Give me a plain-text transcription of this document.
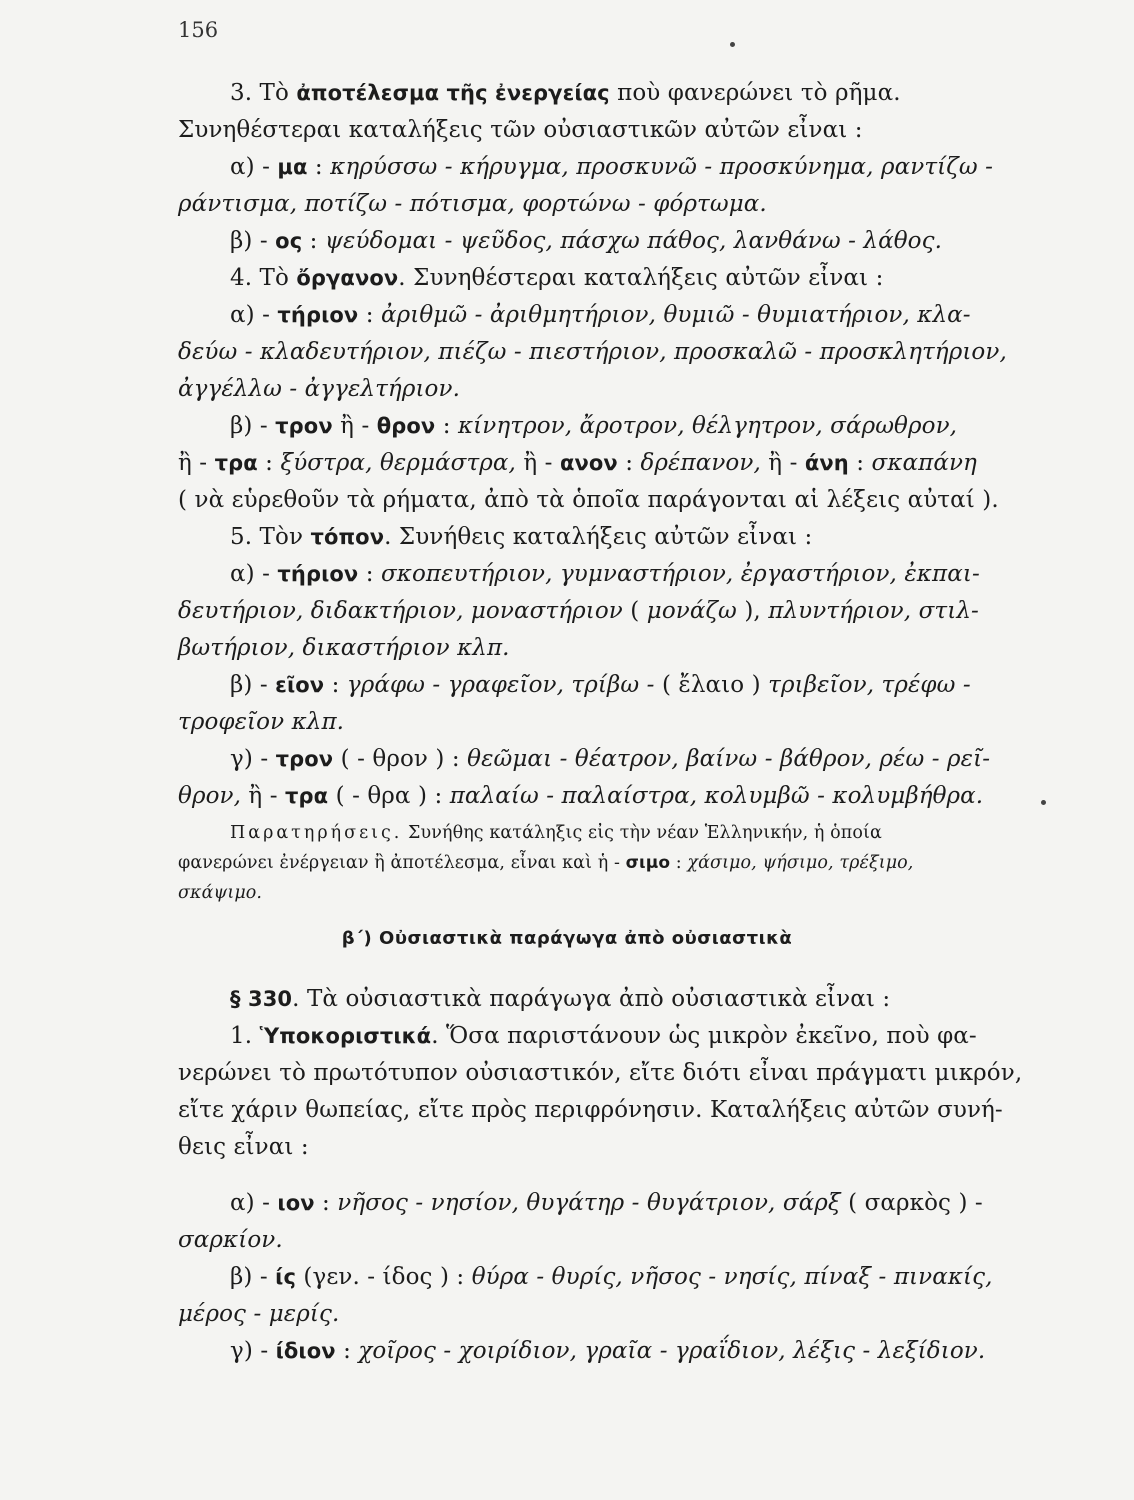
156
3. Τὸ ἀποτέλεσμα τῆς ἐνεργείας ποὺ φανερώνει τὸ ρῆμα.
Συνηθέστεραι καταλήξεις τῶν οὐσιαστικῶν αὐτῶν εἶναι :
α) - μα : κηρύσσω - κήρυγμα, προσκυνῶ - προσκύνημα, ραντίζω -
ράντισμα, ποτίζω - πότισμα, φορτώνω - φόρτωμα.
β) - ος : ψεύδομαι - ψεῦδος, πάσχω πάθος, λανθάνω - λάθος.
4. Τὸ ὄργανον. Συνηθέστεραι καταλήξεις αὐτῶν εἶναι :
α) - τήριον : ἀριθμῶ - ἀριθμητήριον, θυμιῶ - θυμιατήριον, κλα-
δεύω - κλαδευτήριον, πιέζω - πιεστήριον, προσκαλῶ - προσκλητήριον,
ἀγγέλλω - ἀγγελτήριον.
β) - τρον ἢ - θρον : κίνητρον, ἄροτρον, θέλγητρον, σάρωθρον,
ἢ - τρα : ξύστρα, θερμάστρα, ἢ - ανον : δρέπανον, ἢ - άνη : σκαπάνη
( νὰ εὑρεθοῦν τὰ ρήματα, ἀπὸ τὰ ὁποῖα παράγονται αἱ λέξεις αὐταί ).
5. Τὸν τόπον. Συνήθεις καταλήξεις αὐτῶν εἶναι :
α) - τήριον : σκοπευτήριον, γυμναστήριον, ἐργαστήριον, ἐκπαι-
δευτήριον, διδακτήριον, μοναστήριον ( μονάζω ), πλυντήριον, στιλ-
βωτήριον, δικαστήριον κλπ.
β) - εῖον : γράφω - γραφεῖον, τρίβω - ( ἔλαιο ) τριβεῖον, τρέφω -
τροφεῖον κλπ.
γ) - τρον ( - θρον ) : θεῶμαι - θέατρον, βαίνω - βάθρον, ρέω - ρεῖ-
θρον, ἢ - τρα ( - θρα ) : παλαίω - παλαίστρα, κολυμβῶ - κολυμβήθρα.
Παρατηρήσεις. Συνήθης κατάληξις εἰς τὴν νέαν Ἑλληνικήν, ἡ ὁποία
φανερώνει ἐνέργειαν ἢ ἀποτέλεσμα, εἶναι καὶ ἡ - σιμο : χάσιμο, ψήσιμο, τρέξιμο,
σκάψιμο.
§ 330. Τὰ οὐσιαστικὰ παράγωγα ἀπὸ οὐσιαστικὰ εἶναι :
1. Ὑποκοριστικά. Ὅσα παριστάνουν ὡς μικρὸν ἐκεῖνο, ποὺ φα-
νερώνει τὸ πρωτότυπον οὐσιαστικόν, εἴτε διότι εἶναι πράγματι μικρόν,
εἴτε χάριν θωπείας, εἴτε πρὸς περιφρόνησιν. Καταλήξεις αὐτῶν συνή-
θεις εἶναι :
α) - ιον : νῆσος - νησίον, θυγάτηρ - θυγάτριον, σάρξ ( σαρκὸς ) -
σαρκίον.
β) - ίς (γεν. - ίδος ) : θύρα - θυρίς, νῆσος - νησίς, πίναξ - πινακίς,
μέρος - μερίς.
γ) - ίδιον : χοῖρος - χοιρίδιον, γραῖα - γραΐδιον, λέξις - λεξίδιον.
β΄) Οὐσιαστικὰ παράγωγα ἀπὸ οὐσιαστικὰ
